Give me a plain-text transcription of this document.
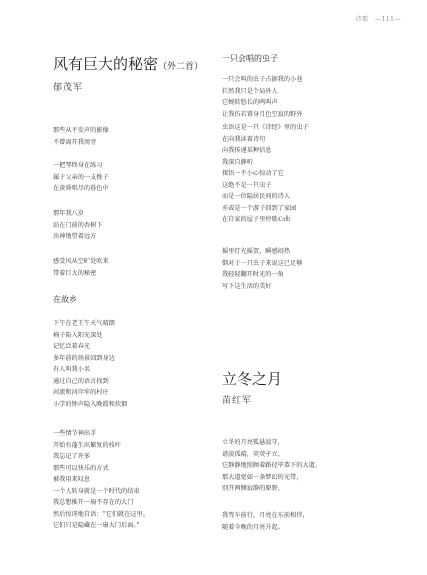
诗歌 —111—
风有巨大的秘密（外二首）
郁茂军
那些从不发声的影像
不曾离开我周旁
一把琴终身在练习
属于父亲的一支挽子
在黄昏唱尽的暮色中
那年我八岁
站在门前的杏树下
出神地望着远方
感受风从空旷处吹来
带着巨大的秘密
在故乡
下午在老王午天气晴朗
椅子陷入阳光深处
记忆泛着春光
多年前的场景回到身边
有人叫我小名
通过自己的语言找到
河流和河岸牢的村庄
小学的钟声隐入晚霞和炊烟
一些情节神出手
开始有蓬生出繁复的枝叶
我忘记了许多
那些可以快乐的方式
被我用来叹息
一个人转身就是一个时代的结束
我总想推开一扇不存在的大门
然后惊讶地自语：“它们就在这里。
它们只是隐藏在一扇大门后面。”
一只会唱的虫子
一只会叫的虫子占据我的小巷
拦然我只是个局外人
它婉转悠长的鸣叫声
让我仿若置身月色空寂的野外
虫语这是一只《诗经》里的虫子
在向我读着诗句
向我传递某种信息
我深自静听
探悟一不小心惊动了它
这绝不是一只虫子
而是一位隐居民间的诗人
亦或是一个游子回到了家园
在自家的屋子里停歇心曲
摇里灯光摇贺，瞬感闷热
倒对于一只虫子来说这已足够
我轻轻翻开时光的一角
写下这生活的美好
立冬之月
苗红军
立冬的月亮孤悬寂守，
谱淡孤晴，荧荧孑立。
它静静地照顾着路径毕恭下的大道。
那大道宽如一条梦幻的光带，
别开两侧寂静的原野。
我驾车前行，月亮在东前相伴，
随着今晚的月亮升起。
